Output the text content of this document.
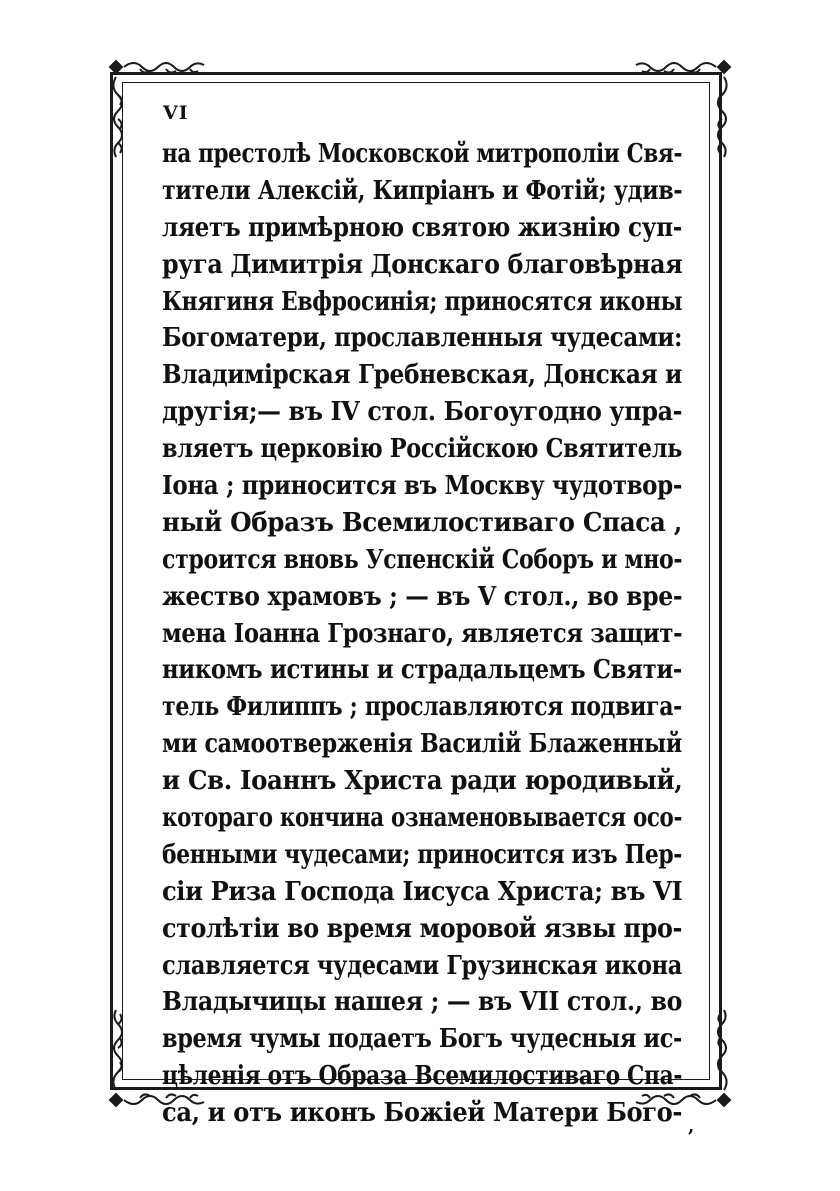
VI
на престолѣ Московской митрополіи Свя-
тители Алексій, Кипріанъ и Фотій; удив-
ляетъ примѣрною святою жизнію суп-
руга Димитрія Донскаго благовѣрная
Княгиня Евфросинія; приносятся иконы
Богоматери, прославленныя чудесами:
Владимірская Гребневская, Донская и
другія;— въ IV стол. Богоугодно упра-
вляетъ церковію Россійскою Святитель
Іона ; приносится въ Москву чудотвор-
ный Образъ Всемилостиваго Спаса ,
строится вновь Успенскій Соборъ и мно-
жество храмовъ ; — въ V стол., во вре-
мена Іоанна Грознаго, является защит-
никомъ истины и страдальцемъ Святи-
тель Филиппъ ; прославляются подвига-
ми самоотверженія Василій Блаженный
и Св. Іоаннъ Христа ради юродивый,
котораго кончина ознаменовывается осо-
бенными чудесами; приносится изъ Пер-
сіи Риза Господа Іисуса Христа; въ VI
столѣтіи во время моровой язвы про-
славляется чудесами Грузинская икона
Владычицы нашея ; — въ VII стол., во
время чумы подаетъ Богъ чудесныя ис-
цѣленія отъ Образа Всемилостиваго Спа-
са, и отъ иконъ Божіей Матери Бого- ,
